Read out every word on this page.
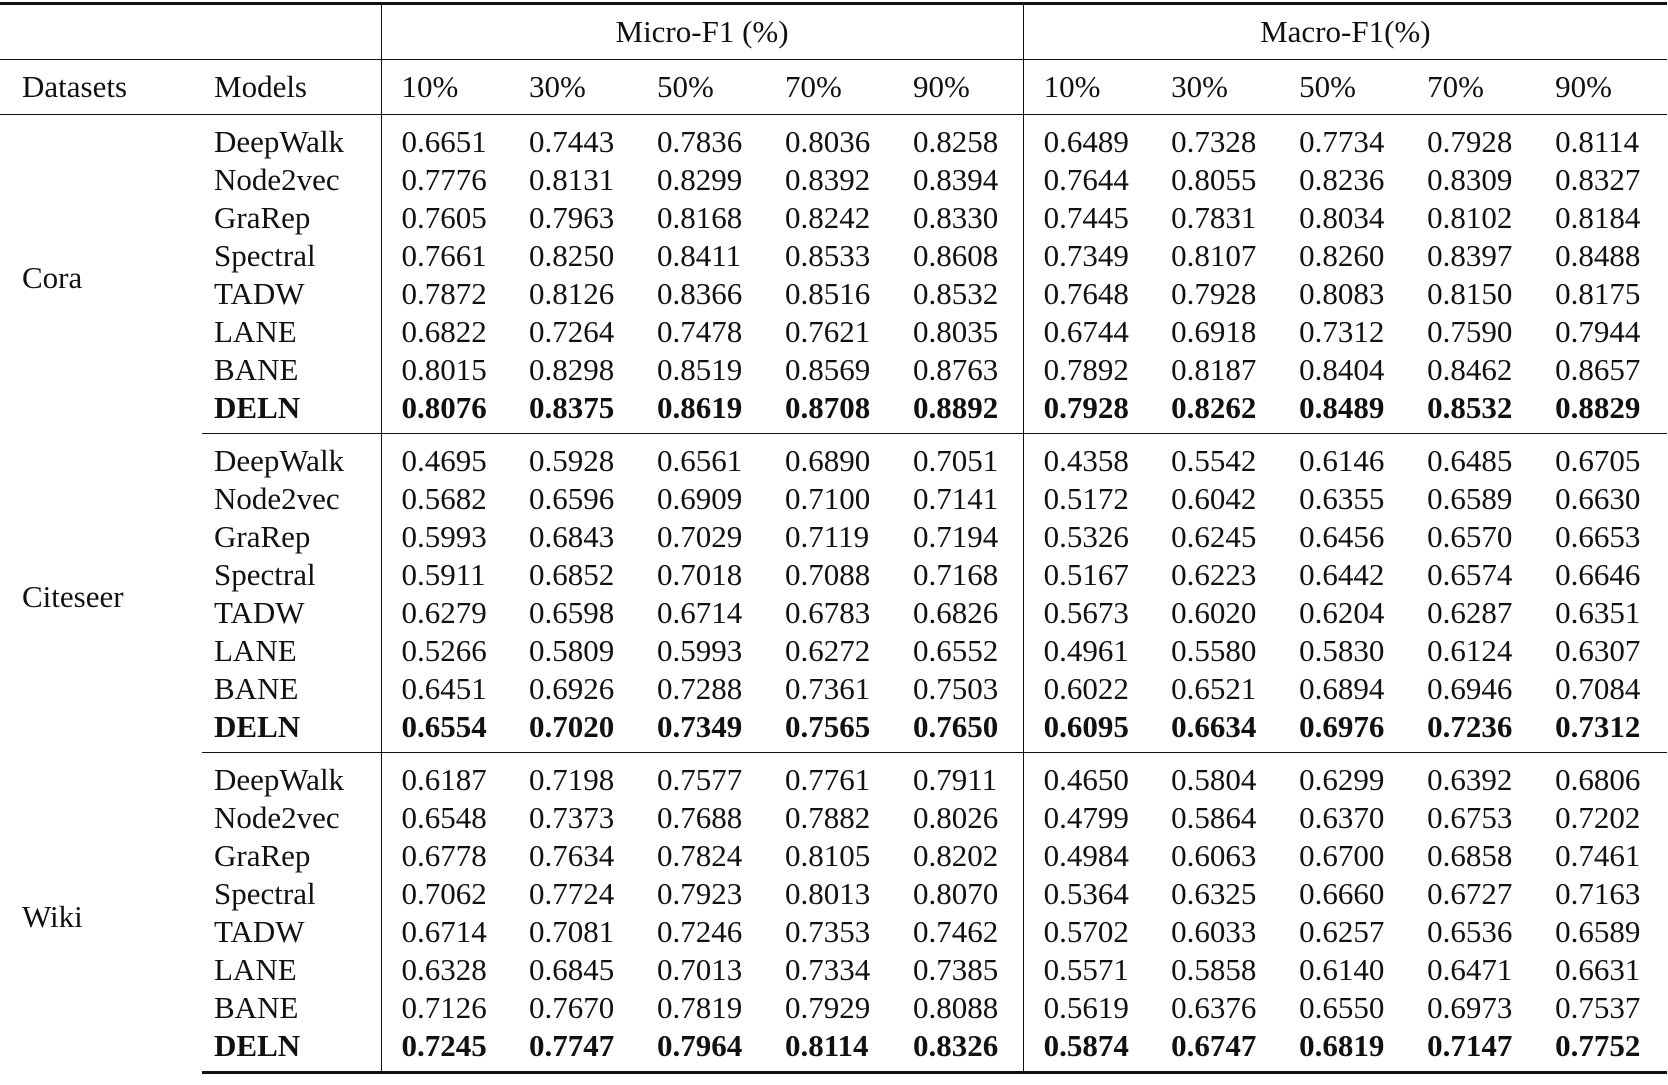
		Micro-F1 (%)					Macro-F1(%)				
Datasets	Models	10%	30%	50%	70%	90%	10%	30%	50%	70%	90%
Cora	DeepWalk	0.6651	0.7443	0.7836	0.8036	0.8258	0.6489	0.7328	0.7734	0.7928	0.8114
	Node2vec	0.7776	0.8131	0.8299	0.8392	0.8394	0.7644	0.8055	0.8236	0.8309	0.8327
	GraRep	0.7605	0.7963	0.8168	0.8242	0.8330	0.7445	0.7831	0.8034	0.8102	0.8184
	Spectral	0.7661	0.8250	0.8411	0.8533	0.8608	0.7349	0.8107	0.8260	0.8397	0.8488
	TADW	0.7872	0.8126	0.8366	0.8516	0.8532	0.7648	0.7928	0.8083	0.8150	0.8175
	LANE	0.6822	0.7264	0.7478	0.7621	0.8035	0.6744	0.6918	0.7312	0.7590	0.7944
	BANE	0.8015	0.8298	0.8519	0.8569	0.8763	0.7892	0.8187	0.8404	0.8462	0.8657
	DELN	0.8076	0.8375	0.8619	0.8708	0.8892	0.7928	0.8262	0.8489	0.8532	0.8829
Citeseer	DeepWalk	0.4695	0.5928	0.6561	0.6890	0.7051	0.4358	0.5542	0.6146	0.6485	0.6705
	Node2vec	0.5682	0.6596	0.6909	0.7100	0.7141	0.5172	0.6042	0.6355	0.6589	0.6630
	GraRep	0.5993	0.6843	0.7029	0.7119	0.7194	0.5326	0.6245	0.6456	0.6570	0.6653
	Spectral	0.5911	0.6852	0.7018	0.7088	0.7168	0.5167	0.6223	0.6442	0.6574	0.6646
	TADW	0.6279	0.6598	0.6714	0.6783	0.6826	0.5673	0.6020	0.6204	0.6287	0.6351
	LANE	0.5266	0.5809	0.5993	0.6272	0.6552	0.4961	0.5580	0.5830	0.6124	0.6307
	BANE	0.6451	0.6926	0.7288	0.7361	0.7503	0.6022	0.6521	0.6894	0.6946	0.7084
	DELN	0.6554	0.7020	0.7349	0.7565	0.7650	0.6095	0.6634	0.6976	0.7236	0.7312
Wiki	DeepWalk	0.6187	0.7198	0.7577	0.7761	0.7911	0.4650	0.5804	0.6299	0.6392	0.6806
	Node2vec	0.6548	0.7373	0.7688	0.7882	0.8026	0.4799	0.5864	0.6370	0.6753	0.7202
	GraRep	0.6778	0.7634	0.7824	0.8105	0.8202	0.4984	0.6063	0.6700	0.6858	0.7461
	Spectral	0.7062	0.7724	0.7923	0.8013	0.8070	0.5364	0.6325	0.6660	0.6727	0.7163
	TADW	0.6714	0.7081	0.7246	0.7353	0.7462	0.5702	0.6033	0.6257	0.6536	0.6589
	LANE	0.6328	0.6845	0.7013	0.7334	0.7385	0.5571	0.5858	0.6140	0.6471	0.6631
	BANE	0.7126	0.7670	0.7819	0.7929	0.8088	0.5619	0.6376	0.6550	0.6973	0.7537
	DELN	0.7245	0.7747	0.7964	0.8114	0.8326	0.5874	0.6747	0.6819	0.7147	0.7752
